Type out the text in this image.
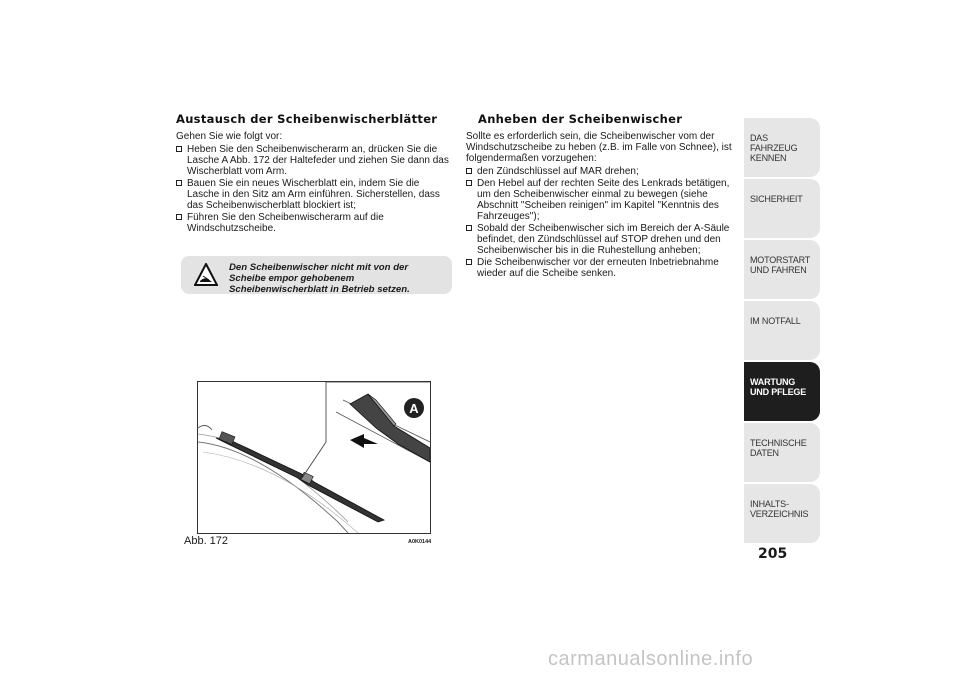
Austausch der Scheibenwischerblätter

Gehen Sie wie folgt vor:

Heben Sie den Scheibenwischerarm an, drücken Sie die Lasche A Abb. 172 der Haltefeder und ziehen Sie dann das Wischerblatt vom Arm.
Bauen Sie ein neues Wischerblatt ein, indem Sie die Lasche in den Sitz am Arm einführen. Sicherstellen, dass das Scheibenwischerblatt blockiert ist;
Führen Sie den Scheibenwischerarm auf die Windschutzscheibe.
Den Scheibenwischer nicht mit von der Scheibe empor gehobenem Scheibenwischerblatt in Betrieb setzen.
Anheben der Scheibenwischer

Sollte es erforderlich sein, die Scheibenwischer vom der Windschutzscheibe zu heben (z.B. im Falle von Schnee), ist folgendermaßen vorzugehen:

den Zündschlüssel auf MAR drehen;
Den Hebel auf der rechten Seite des Lenkrads betätigen, um den Scheibenwischer einmal zu bewegen (siehe Abschnitt "Scheiben reinigen" im Kapitel "Kenntnis des Fahrzeuges");
Sobald der Scheibenwischer sich im Bereich der A-Säule befindet, den Zündschlüssel auf STOP drehen und den Scheibenwischer bis in die Ruhestellung anheben;
Die Scheibenwischer vor der erneuten Inbetriebnahme wieder auf die Scheibe senken.
A
Abb. 172	A0K0144
DAS FAHRZEUG KENNEN
SICHERHEIT
MOTORSTART UND FAHREN
IM NOTFALL
WARTUNG UND PFLEGE
TECHNISCHE DATEN
INHALTS-VERZEICHNIS
205
carmanualsonline.info
